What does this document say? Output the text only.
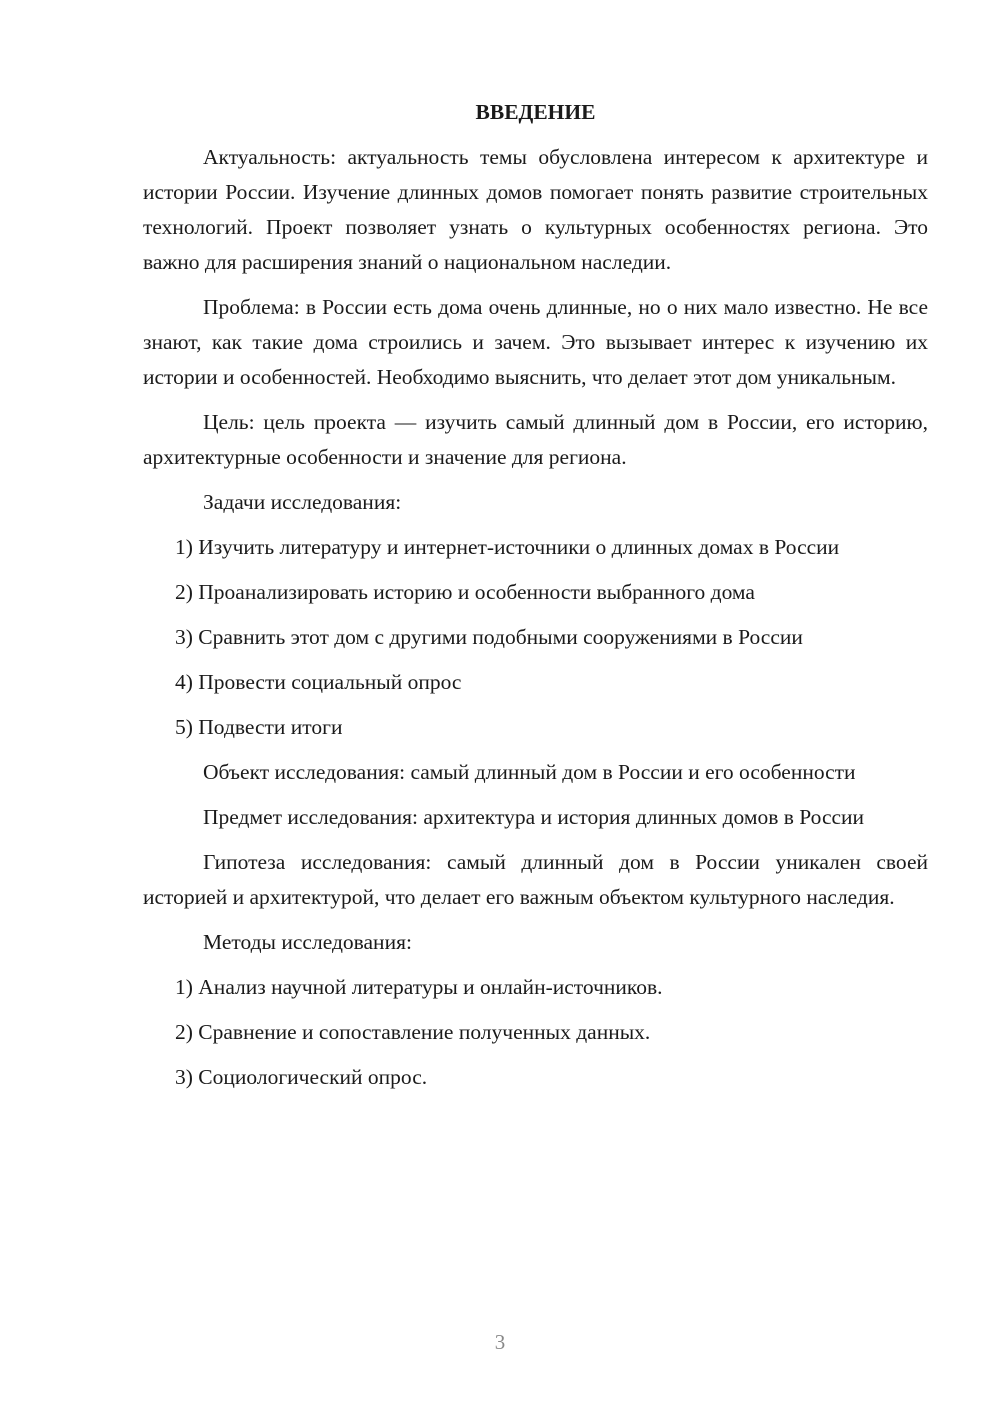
ВВЕДЕНИЕ
Актуальность: актуальность темы обусловлена интересом к архитектуре и истории России. Изучение длинных домов помогает понять развитие строительных технологий. Проект позволяет узнать о культурных особенностях региона. Это важно для расширения знаний о национальном наследии.
Проблема: в России есть дома очень длинные, но о них мало известно. Не все знают, как такие дома строились и зачем. Это вызывает интерес к изучению их истории и особенностей. Необходимо выяснить, что делает этот дом уникальным.
Цель: цель проекта — изучить самый длинный дом в России, его историю, архитектурные особенности и значение для региона.
Задачи исследования:
1) Изучить литературу и интернет-источники о длинных домах в России
2) Проанализировать историю и особенности выбранного дома
3) Сравнить этот дом с другими подобными сооружениями в России
4) Провести социальный опрос
5) Подвести итоги
Объект исследования: самый длинный дом в России и его особенности
Предмет исследования: архитектура и история длинных домов в России
Гипотеза исследования: самый длинный дом в России уникален своей историей и архитектурой, что делает его важным объектом культурного наследия.
Методы исследования:
1) Анализ научной литературы и онлайн-источников.
2) Сравнение и сопоставление полученных данных.
3) Социологический опрос.
3
